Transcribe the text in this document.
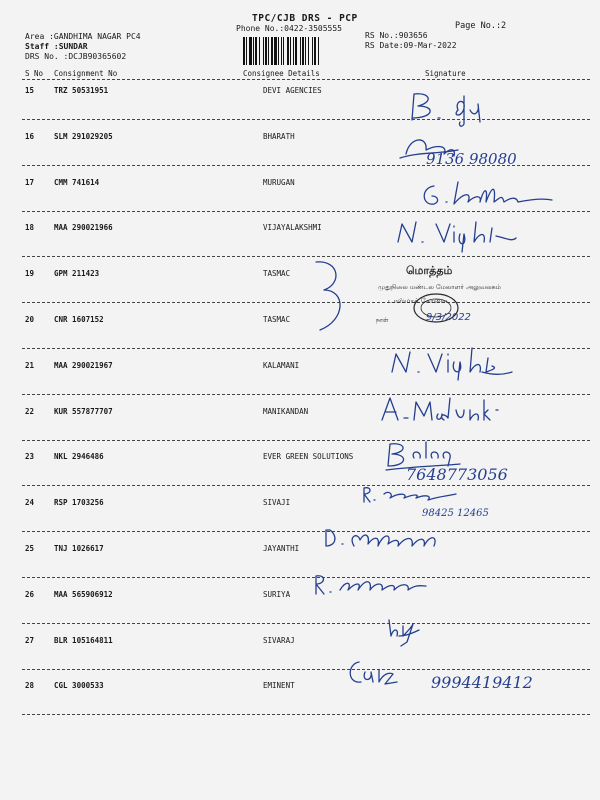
TPC/CJB DRS - PCP
Phone No.:0422-3505555	Page No.:2
Area :GANDHIMA NAGAR PC4
Staff :SUNDAR
DRS No. :DCJB90365602
RS No.:903656
RS Date:09-Mar-2022
S No Consignment No	Consignee Details	Signature
15	TRZ 50531951	DEVI AGENCIES
16	SLM 291029205	BHARATH
17	CMM 741614	MURUGAN
18	MAA 290021966	VIJAYALAKSHMI
19	GPM 211423	TASMAC
20	CNR 1607152	TASMAC
21	MAA 290021967	KALAMANI
22	KUR 557877707	MANIKANDAN
23	NKL 2946486	EVER GREEN SOLUTIONS
24	RSP 1703256	SIVAJI
25	TNJ 1026617	JAYANTHI
26	MAA 565906912	SURIYA
27	BLR 105164811	SIVARAJ
28	CGL 3000533	EMINENT
9136 98080
மொத்தம்
முதுநிலை மண்டல மேலாளர் அலுவலகம்
டாஸ்மாக் கோவை
9/3/2022
நாள்
7648773056
98425 12465
9994419412
